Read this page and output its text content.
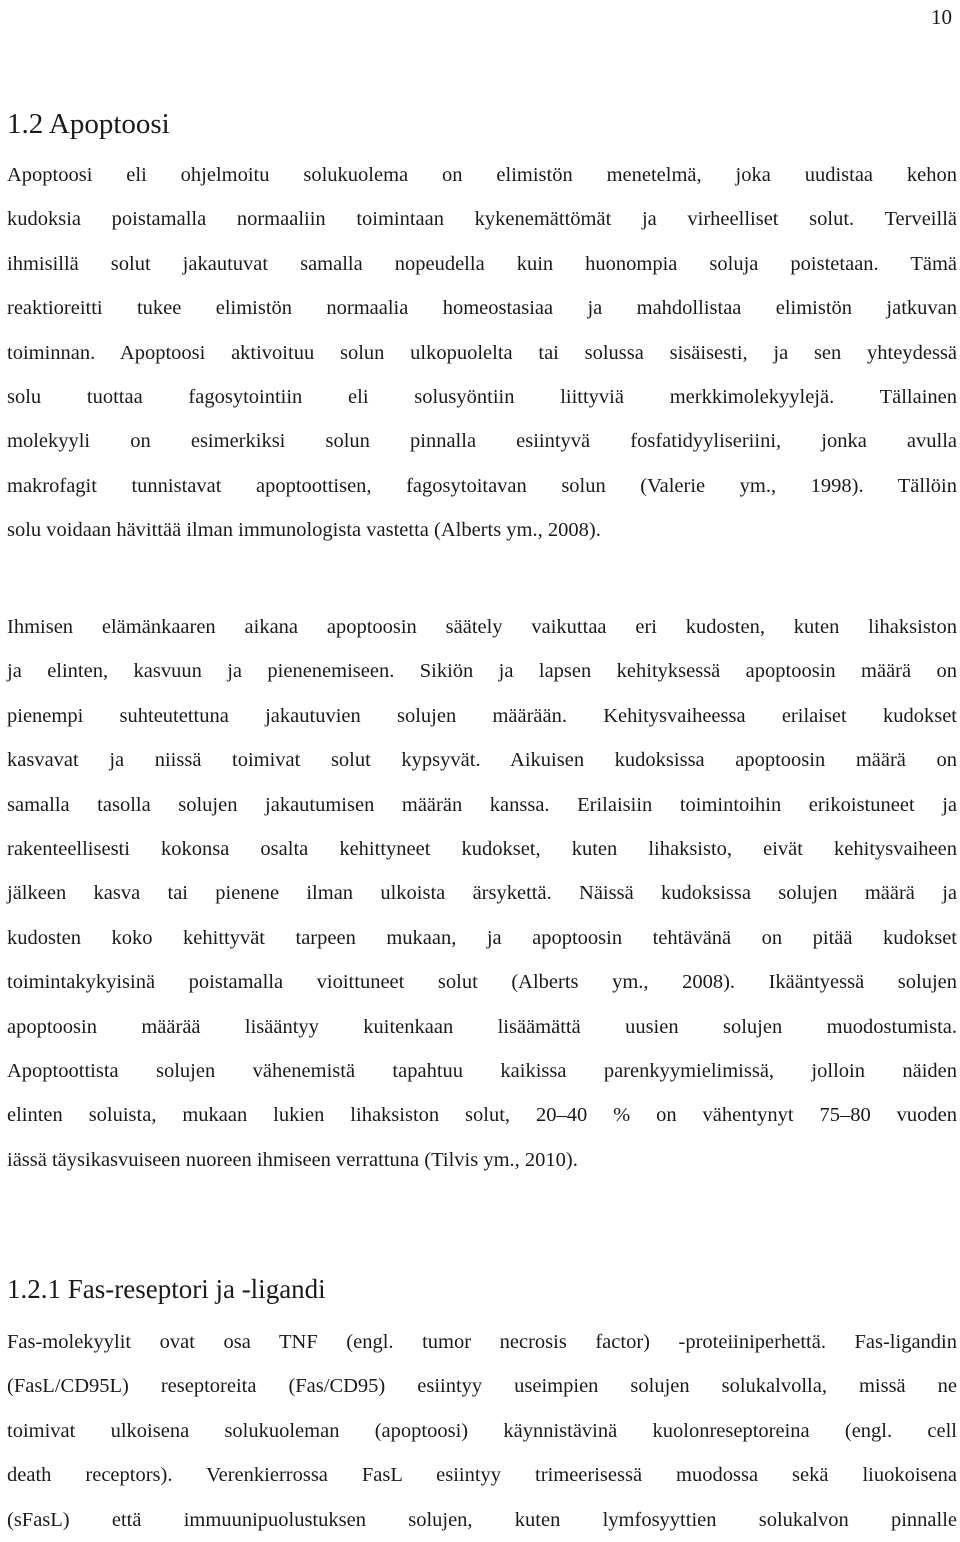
10
1.2 Apoptoosi

Apoptoosi eli ohjelmoitu solukuolema on elimistön menetelmä, joka uudistaa kehon
kudoksia poistamalla normaaliin toimintaan kykenemättömät ja virheelliset solut. Terveillä
ihmisillä solut jakautuvat samalla nopeudella kuin huonompia soluja poistetaan. Tämä
reaktioreitti tukee elimistön normaalia homeostasiaa ja mahdollistaa elimistön jatkuvan
toiminnan. Apoptoosi aktivoituu solun ulkopuolelta tai solussa sisäisesti, ja sen yhteydessä
solu tuottaa fagosytointiin eli solusyöntiin liittyviä merkkimolekyylejä. Tällainen
molekyyli on esimerkiksi solun pinnalla esiintyvä fosfatidyyliseriini, jonka avulla
makrofagit tunnistavat apoptoottisen, fagosytoitavan solun (Valerie ym., 1998). Tällöin
solu voidaan hävittää ilman immunologista vastetta (Alberts ym., 2008).

Ihmisen elämänkaaren aikana apoptoosin säätely vaikuttaa eri kudosten, kuten lihaksiston
ja elinten, kasvuun ja pienenemiseen. Sikiön ja lapsen kehityksessä apoptoosin määrä on
pienempi suhteutettuna jakautuvien solujen määrään. Kehitysvaiheessa erilaiset kudokset
kasvavat ja niissä toimivat solut kypsyvät. Aikuisen kudoksissa apoptoosin määrä on
samalla tasolla solujen jakautumisen määrän kanssa. Erilaisiin toimintoihin erikoistuneet ja
rakenteellisesti kokonsa osalta kehittyneet kudokset, kuten lihaksisto, eivät kehitysvaiheen
jälkeen kasva tai pienene ilman ulkoista ärsykettä. Näissä kudoksissa solujen määrä ja
kudosten koko kehittyvät tarpeen mukaan, ja apoptoosin tehtävänä on pitää kudokset
toimintakykyisinä poistamalla vioittuneet solut (Alberts ym., 2008). Ikääntyessä solujen
apoptoosin määrää lisääntyy kuitenkaan lisäämättä uusien solujen muodostumista.
Apoptoottista solujen vähenemistä tapahtuu kaikissa parenkyymielimissä, jolloin näiden
elinten soluista, mukaan lukien lihaksiston solut, 20–40 % on vähentynyt 75–80 vuoden
iässä täysikasvuiseen nuoreen ihmiseen verrattuna (Tilvis ym., 2010).

1.2.1 Fas-reseptori ja -ligandi

Fas-molekyylit ovat osa TNF (engl. tumor necrosis factor) -proteiiniperhettä. Fas-ligandin
(FasL/CD95L) reseptoreita (Fas/CD95) esiintyy useimpien solujen solukalvolla, missä ne
toimivat ulkoisena solukuoleman (apoptoosi) käynnistävinä kuolonreseptoreina (engl. cell
death receptors). Verenkierrossa FasL esiintyy trimeerisessä muodossa sekä liuokoisena
(sFasL) että immuunipuolustuksen solujen, kuten lymfosyyttien solukalvon pinnalle
